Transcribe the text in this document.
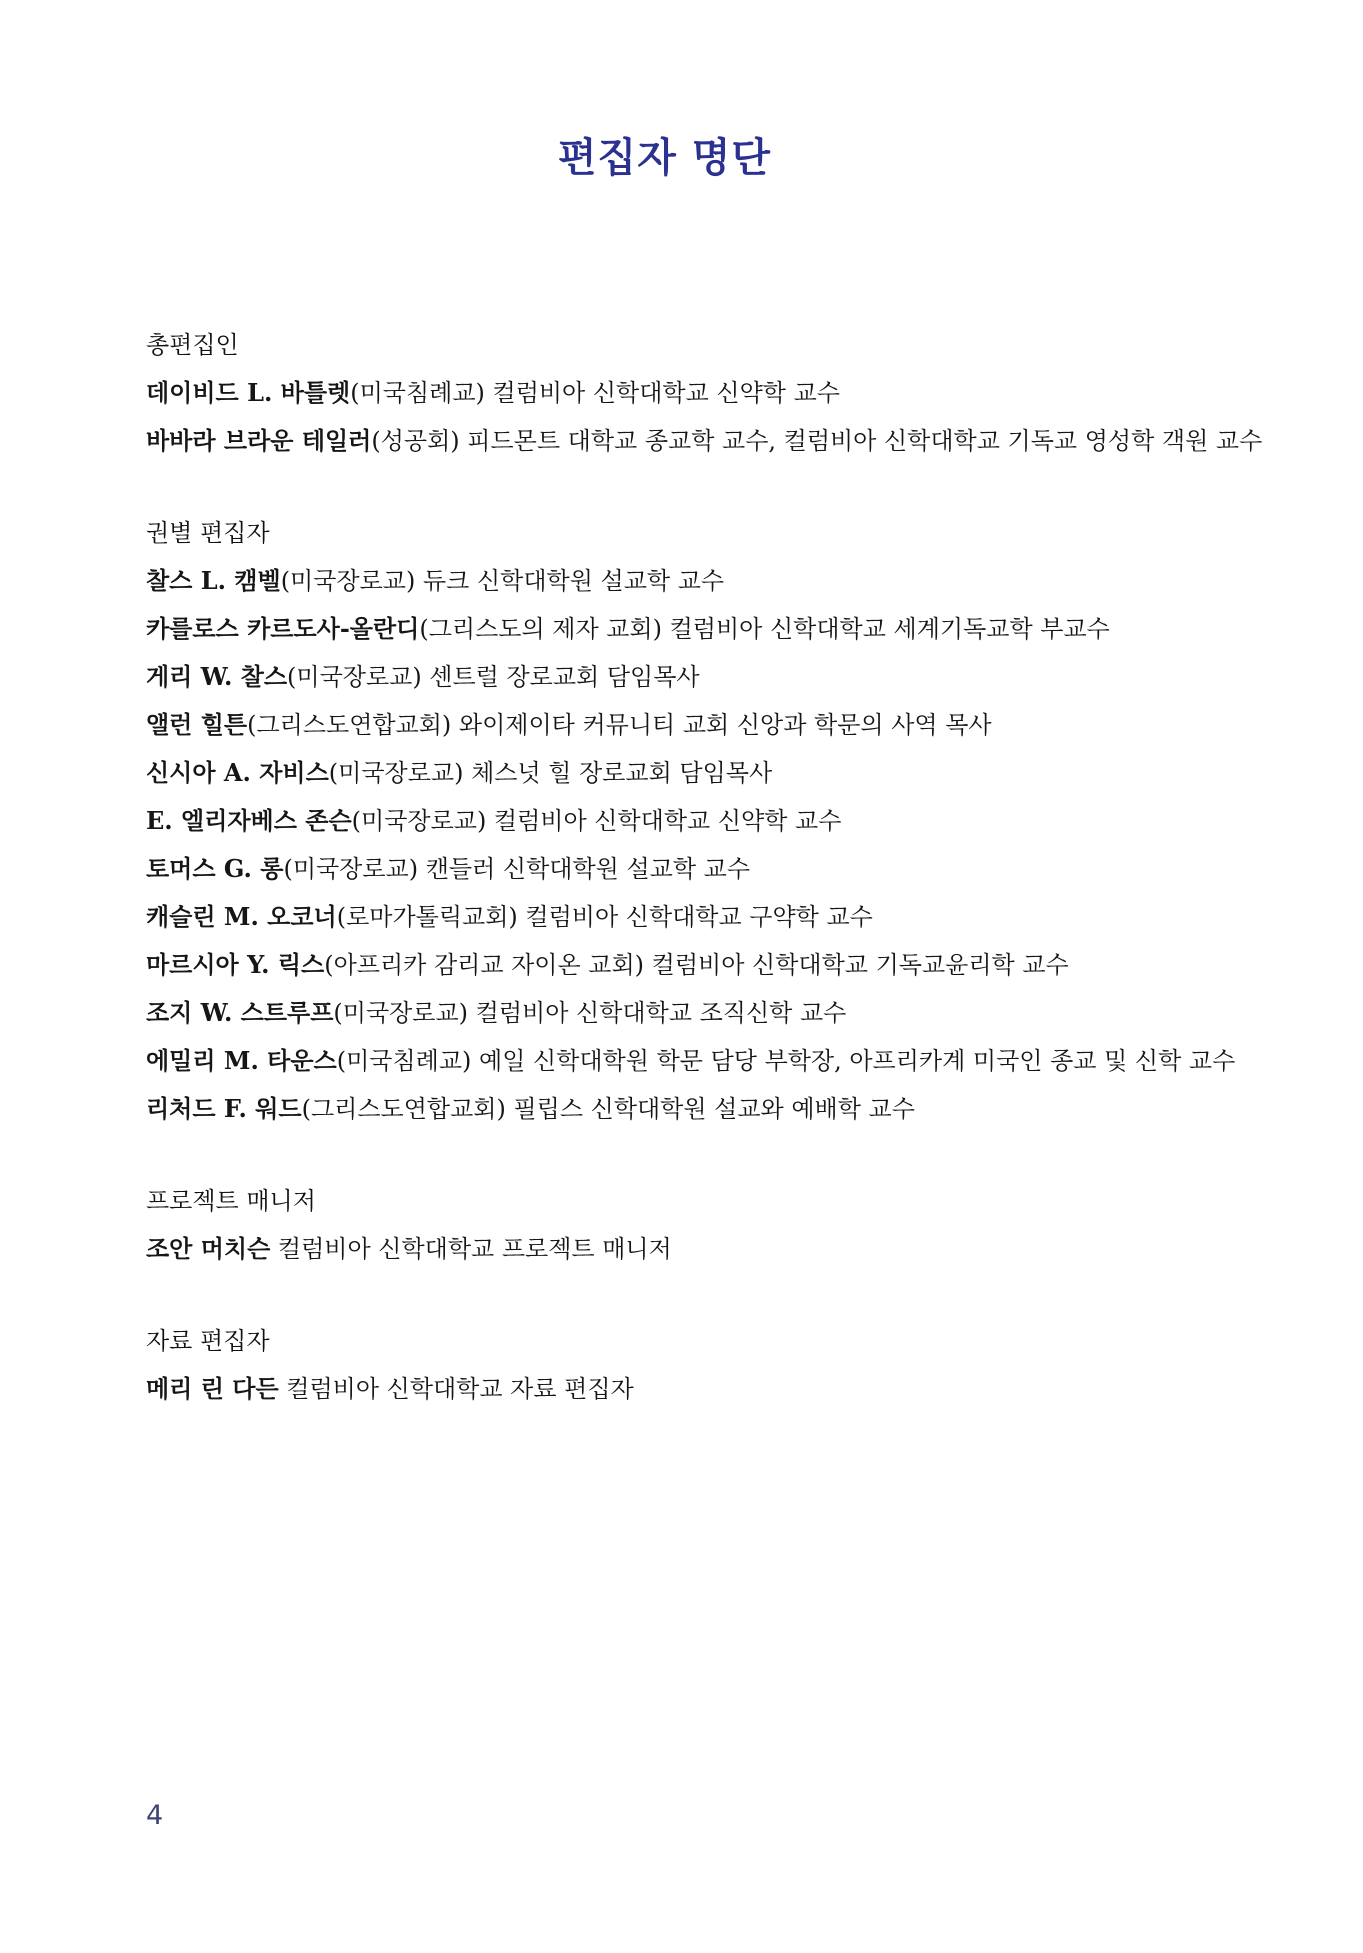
편집자 명단
총편집인

데이비드 L. 바틀렛(미국침례교) 컬럼비아 신학대학교 신약학 교수

바바라 브라운 테일러(성공회) 피드몬트 대학교 종교학 교수, 컬럼비아 신학대학교 기독교 영성학 객원 교수

권별 편집자

찰스 L. 캠벨(미국장로교) 듀크 신학대학원 설교학 교수

카를로스 카르도사-올란디(그리스도의 제자 교회) 컬럼비아 신학대학교 세계기독교학 부교수

게리 W. 찰스(미국장로교) 센트럴 장로교회 담임목사

앨런 힐튼(그리스도연합교회) 와이제이타 커뮤니티 교회 신앙과 학문의 사역 목사

신시아 A. 자비스(미국장로교) 체스넛 힐 장로교회 담임목사

E. 엘리자베스 존슨(미국장로교) 컬럼비아 신학대학교 신약학 교수

토머스 G. 롱(미국장로교) 캔들러 신학대학원 설교학 교수

캐슬린 M. 오코너(로마가톨릭교회) 컬럼비아 신학대학교 구약학 교수

마르시아 Y. 릭스(아프리카 감리교 자이온 교회) 컬럼비아 신학대학교 기독교윤리학 교수

조지 W. 스트루프(미국장로교) 컬럼비아 신학대학교 조직신학 교수

에밀리 M. 타운스(미국침례교) 예일 신학대학원 학문 담당 부학장, 아프리카계 미국인 종교 및 신학 교수

리처드 F. 워드(그리스도연합교회) 필립스 신학대학원 설교와 예배학 교수

프로젝트 매니저

조안 머치슨 컬럼비아 신학대학교 프로젝트 매니저

자료 편집자

메리 린 다든 컬럼비아 신학대학교 자료 편집자

4
